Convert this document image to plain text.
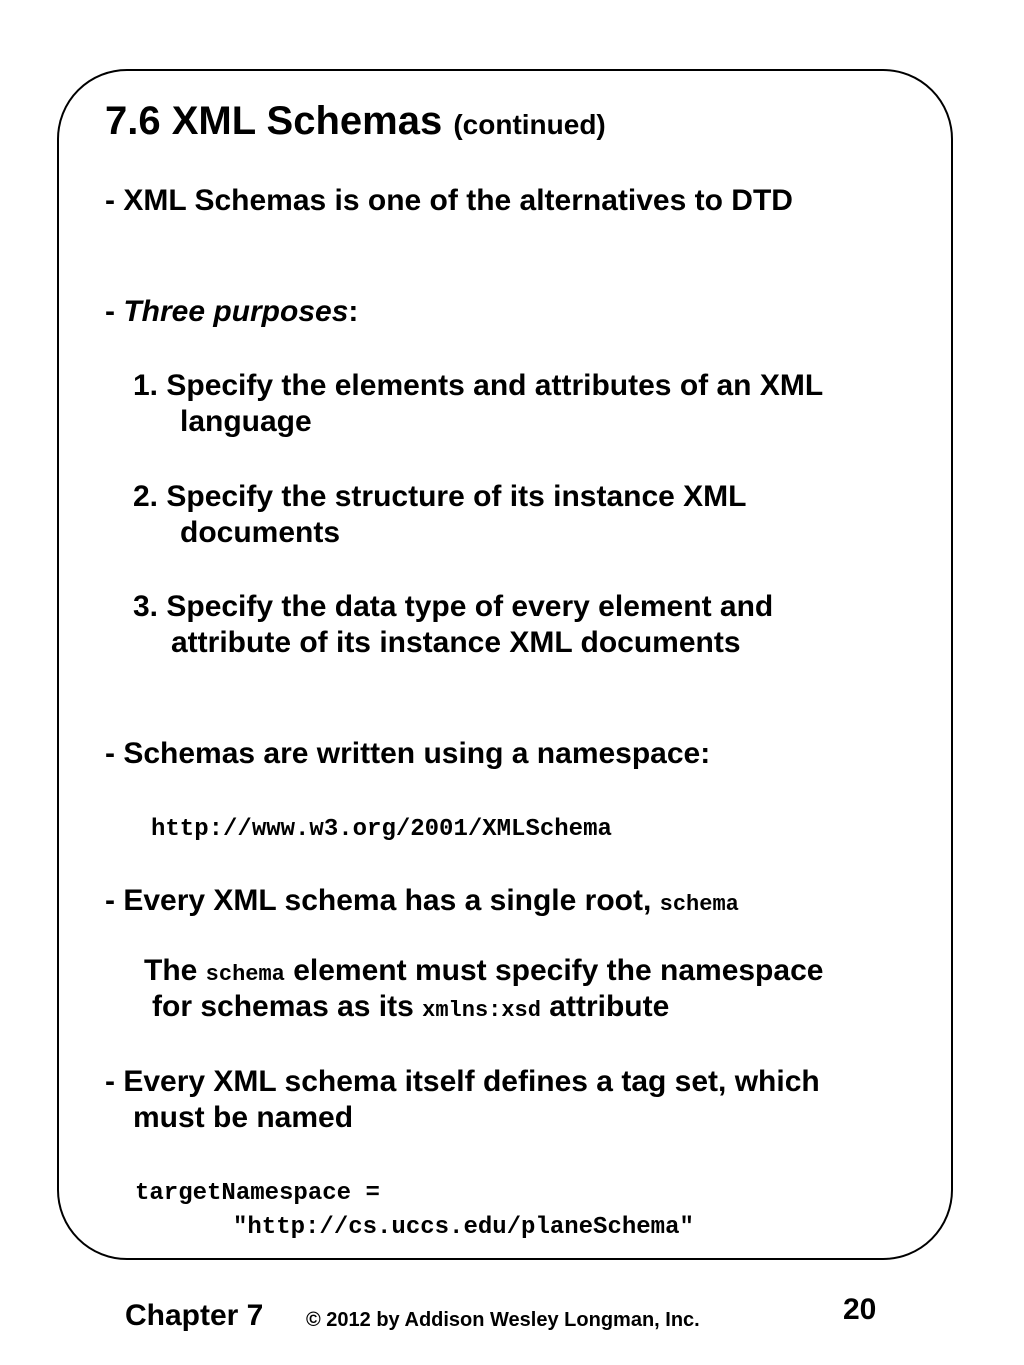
7.6 XML Schemas (continued)
- XML Schemas is one of the alternatives to DTD
- Three purposes:
1. Specify the elements and attributes of an XML
language
2. Specify the structure of its instance XML
documents
3. Specify the data type of every element and
attribute of its instance XML documents
- Schemas are written using a namespace:
http://www.w3.org/2001/XMLSchema
- Every XML schema has a single root, schema
The schema element must specify the namespace
for schemas as its xmlns:xsd attribute
- Every XML schema itself defines a tag set, which
must be named
targetNamespace =
"http://cs.uccs.edu/planeSchema"
Chapter 7 © 2012 by Addison Wesley Longman, Inc.	20
